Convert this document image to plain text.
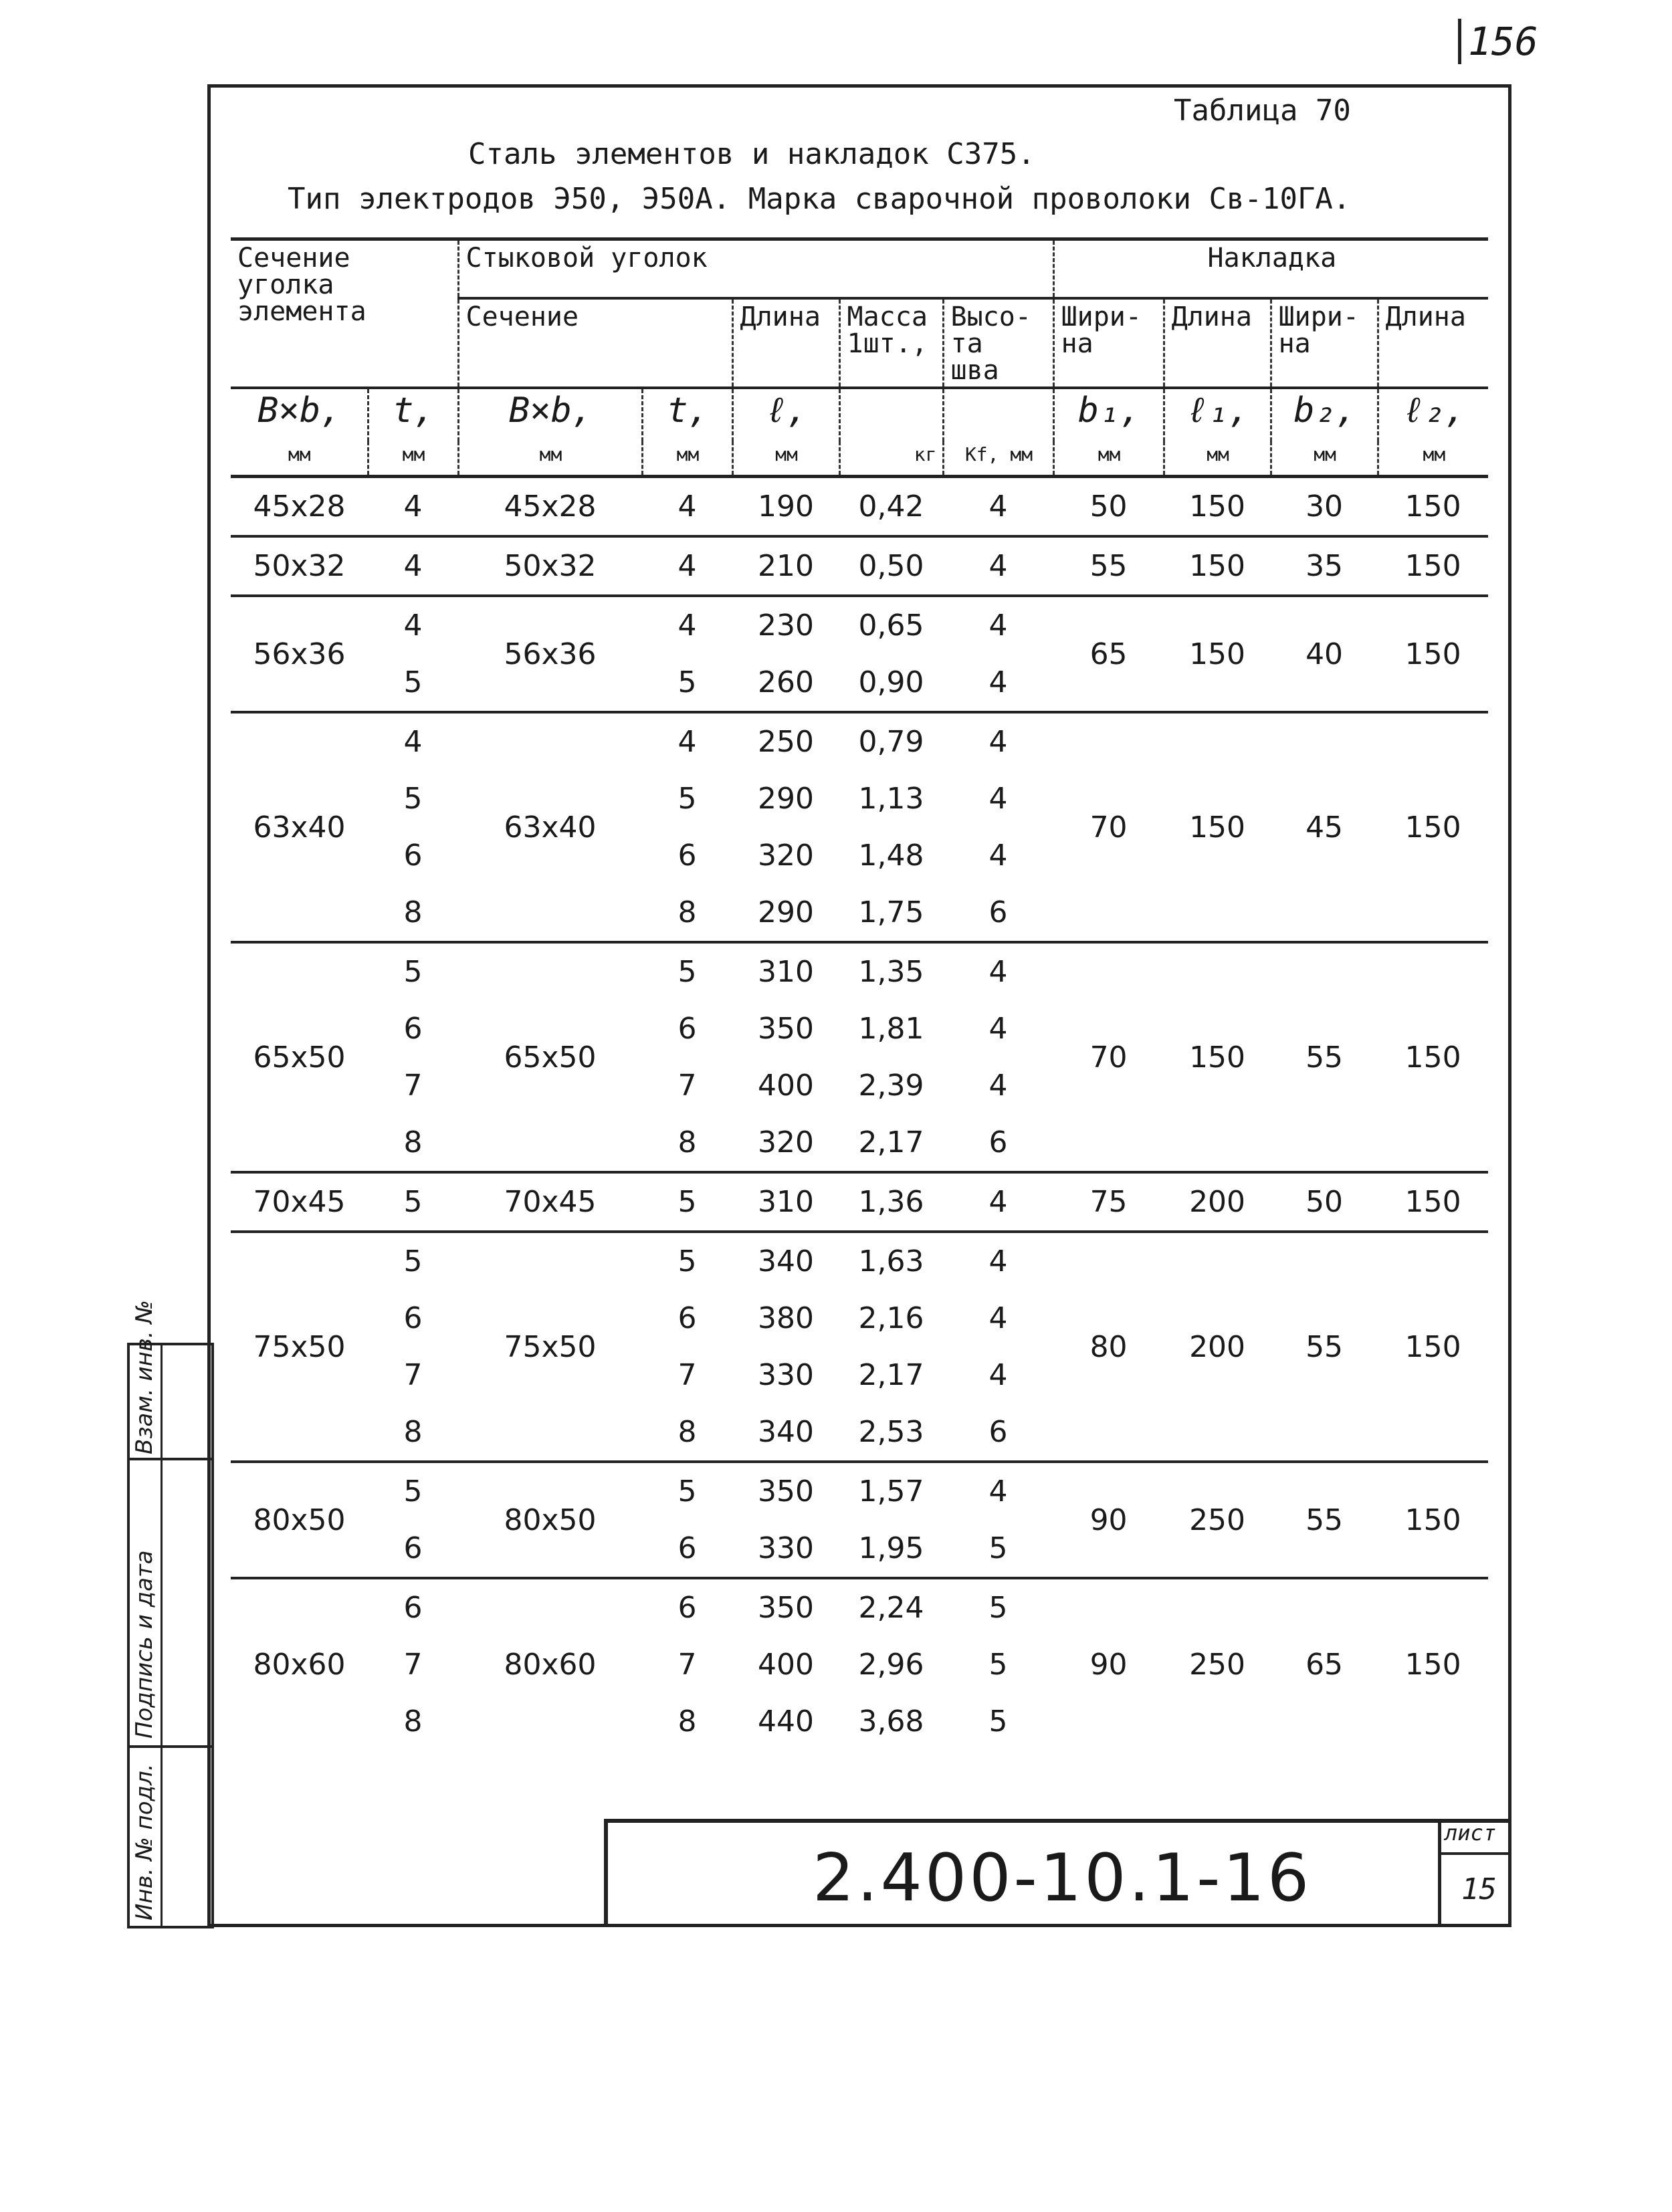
156
Таблица 70
Сталь элементов и накладок С375.
Тип электродов Э50, Э50А. Марка сварочной проволоки Св-10ГА.
Сечение уголка элемента		Стыковой уголок					Накладка			
		Сечение		Длина	Масса 1шт.,	Высо-та шва	Шири-на	Длина	Шири-на	Длина
B×b,	t,	B×b,	t,	ℓ,			b₁,	ℓ₁,	b₂,	ℓ₂,
мм	мм	мм	мм	мм	кг	Kf, мм	мм	мм	мм	мм
45x28	4	45x28	4	190	0,42	4	50	150	30	150
50x32	4	50x32	4	210	0,50	4	55	150	35	150
56x36	4	56x36	4	230	0,65	4	65	150	40	150
	5		5	260	0,90	4				
63x40	4	63x40	4	250	0,79	4	70	150	45	150
	5		5	290	1,13	4				
	6		6	320	1,48	4				
	8		8	290	1,75	6				
65x50	5	65x50	5	310	1,35	4	70	150	55	150
	6		6	350	1,81	4				
	7		7	400	2,39	4				
	8		8	320	2,17	6				
70x45	5	70x45	5	310	1,36	4	75	200	50	150
75x50	5	75x50	5	340	1,63	4	80	200	55	150
	6		6	380	2,16	4				
	7		7	330	2,17	4				
	8		8	340	2,53	6				
80x50	5	80x50	5	350	1,57	4	90	250	55	150
	6		6	330	1,95	5				
80x60	6	80x60	6	350	2,24	5	90	250	65	150
	7		7	400	2,96	5				
	8		8	440	3,68	5				
2.400-10.1-16
лист
15
Инв. № подл.
Подпись и дата
Взам. инв. №
